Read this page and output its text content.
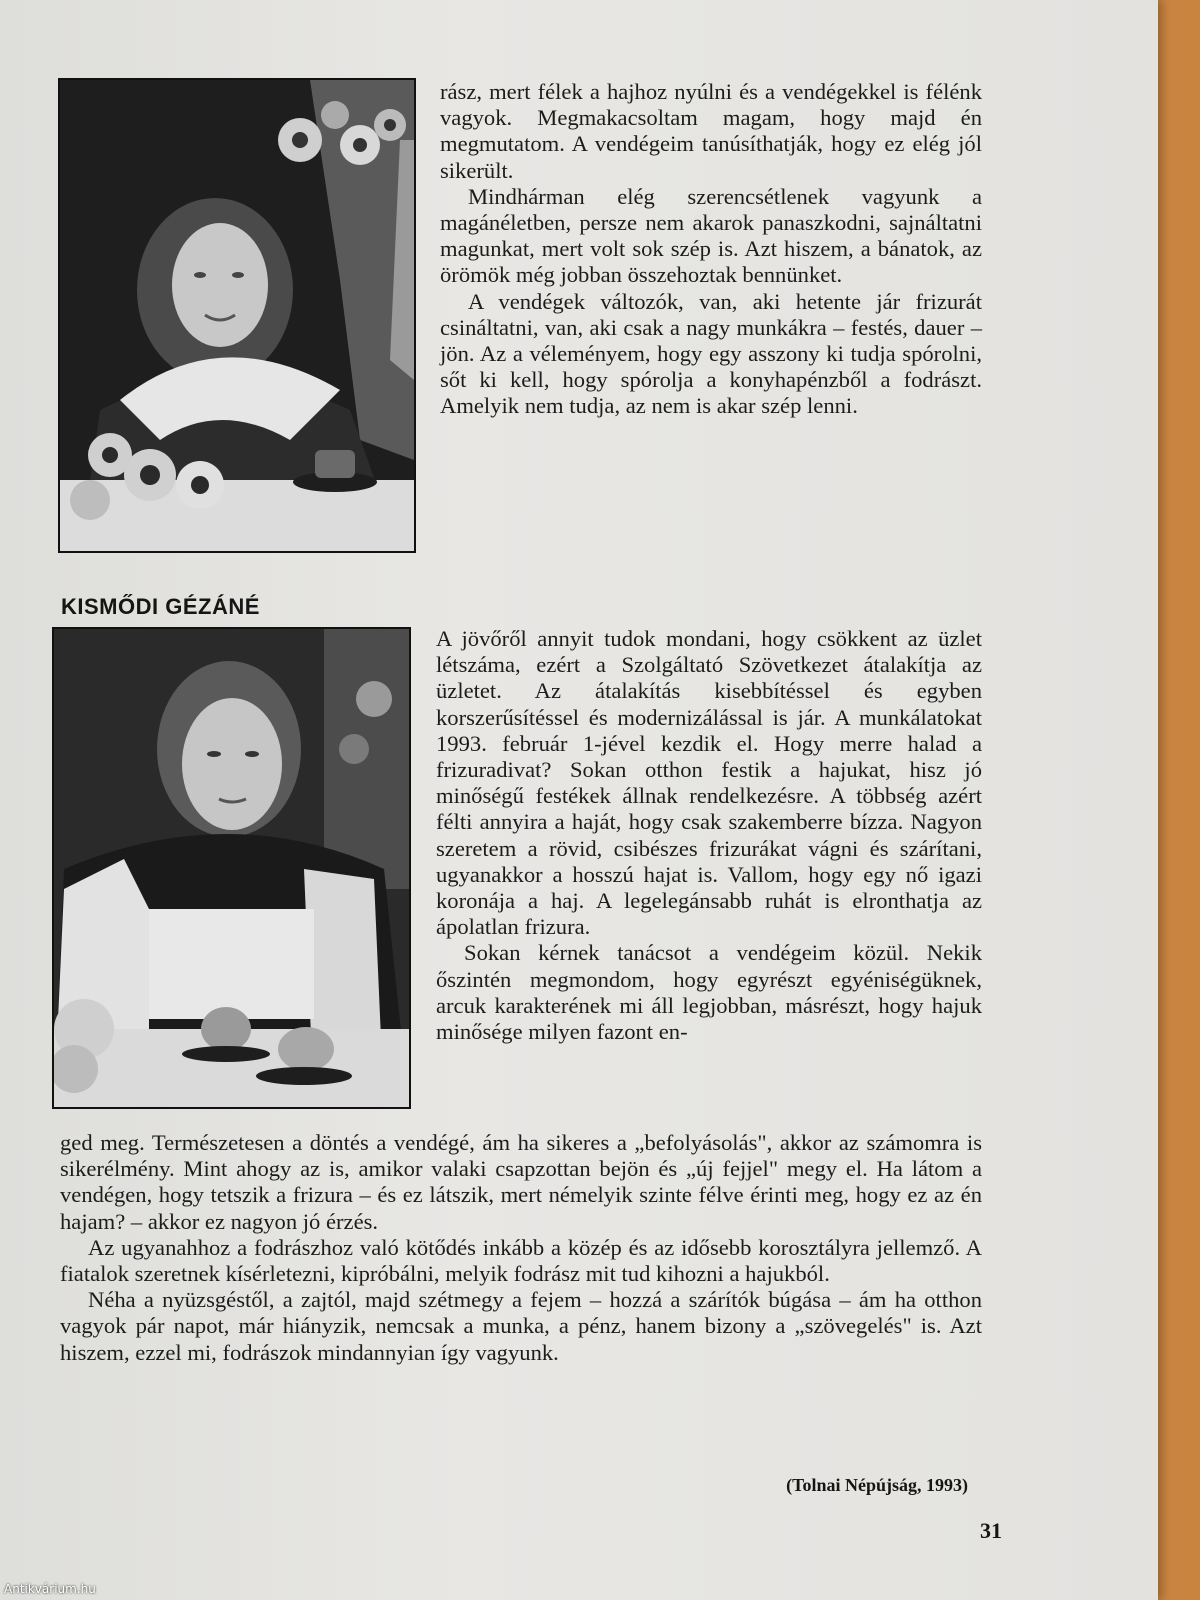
rász, mert félek a hajhoz nyúlni és a vendégekkel is félénk vagyok. Megmakacsoltam magam, hogy majd én megmutatom. A vendégeim tanúsíthatják, hogy ez elég jól sikerült.

Mindhárman elég szerencsétlenek vagyunk a magánéletben, persze nem akarok panaszkodni, sajnáltatni magunkat, mert volt sok szép is. Azt hiszem, a bánatok, az örömök még jobban összehoztak bennünket.

A vendégek változók, van, aki hetente jár frizurát csináltatni, van, aki csak a nagy munkákra – festés, dauer – jön. Az a véleményem, hogy egy asszony ki tudja spórolni, sőt ki kell, hogy spórolja a konyhapénzből a fodrászt. Amelyik nem tudja, az nem is akar szép lenni.

KISMŐDI GÉZÁNÉ

A jövőről annyit tudok mondani, hogy csökkent az üzlet létszáma, ezért a Szolgáltató Szövetkezet átalakítja az üzletet. Az átalakítás kisebbítéssel és egyben korszerűsítéssel és modernizálással is jár. A munkálatokat 1993. február 1-jével kezdik el. Hogy merre halad a frizuradivat? Sokan otthon festik a hajukat, hisz jó minőségű festékek állnak rendelkezésre. A többség azért félti annyira a haját, hogy csak szakemberre bízza. Nagyon szeretem a rövid, csibészes frizurákat vágni és szárítani, ugyanakkor a hosszú hajat is. Vallom, hogy egy nő igazi koronája a haj. A legelegánsabb ruhát is elronthatja az ápolatlan frizura.

Sokan kérnek tanácsot a vendégeim közül. Nekik őszintén megmondom, hogy egyrészt egyéniségüknek, arcuk karakterének mi áll legjobban, másrészt, hogy hajuk minősége milyen fazont en-

ged meg. Természetesen a döntés a vendégé, ám ha sikeres a „befolyásolás", akkor az számomra is sikerélmény. Mint ahogy az is, amikor valaki csapzottan bejön és „új fejjel" megy el. Ha látom a vendégen, hogy tetszik a frizura – és ez látszik, mert némelyik szinte félve érinti meg, hogy ez az én hajam? – akkor ez nagyon jó érzés.

Az ugyanahhoz a fodrászhoz való kötődés inkább a közép és az idősebb korosztályra jellemző. A fiatalok szeretnek kísérletezni, kipróbálni, melyik fodrász mit tud kihozni a hajukból.

Néha a nyüzsgéstől, a zajtól, majd szétmegy a fejem – hozzá a szárítók búgása – ám ha otthon vagyok pár napot, már hiányzik, nemcsak a munka, a pénz, hanem bizony a „szövegelés" is. Azt hiszem, ezzel mi, fodrászok mindannyian így vagyunk.

(Tolnai Népújság, 1993)
31
Antikvárium.hu
